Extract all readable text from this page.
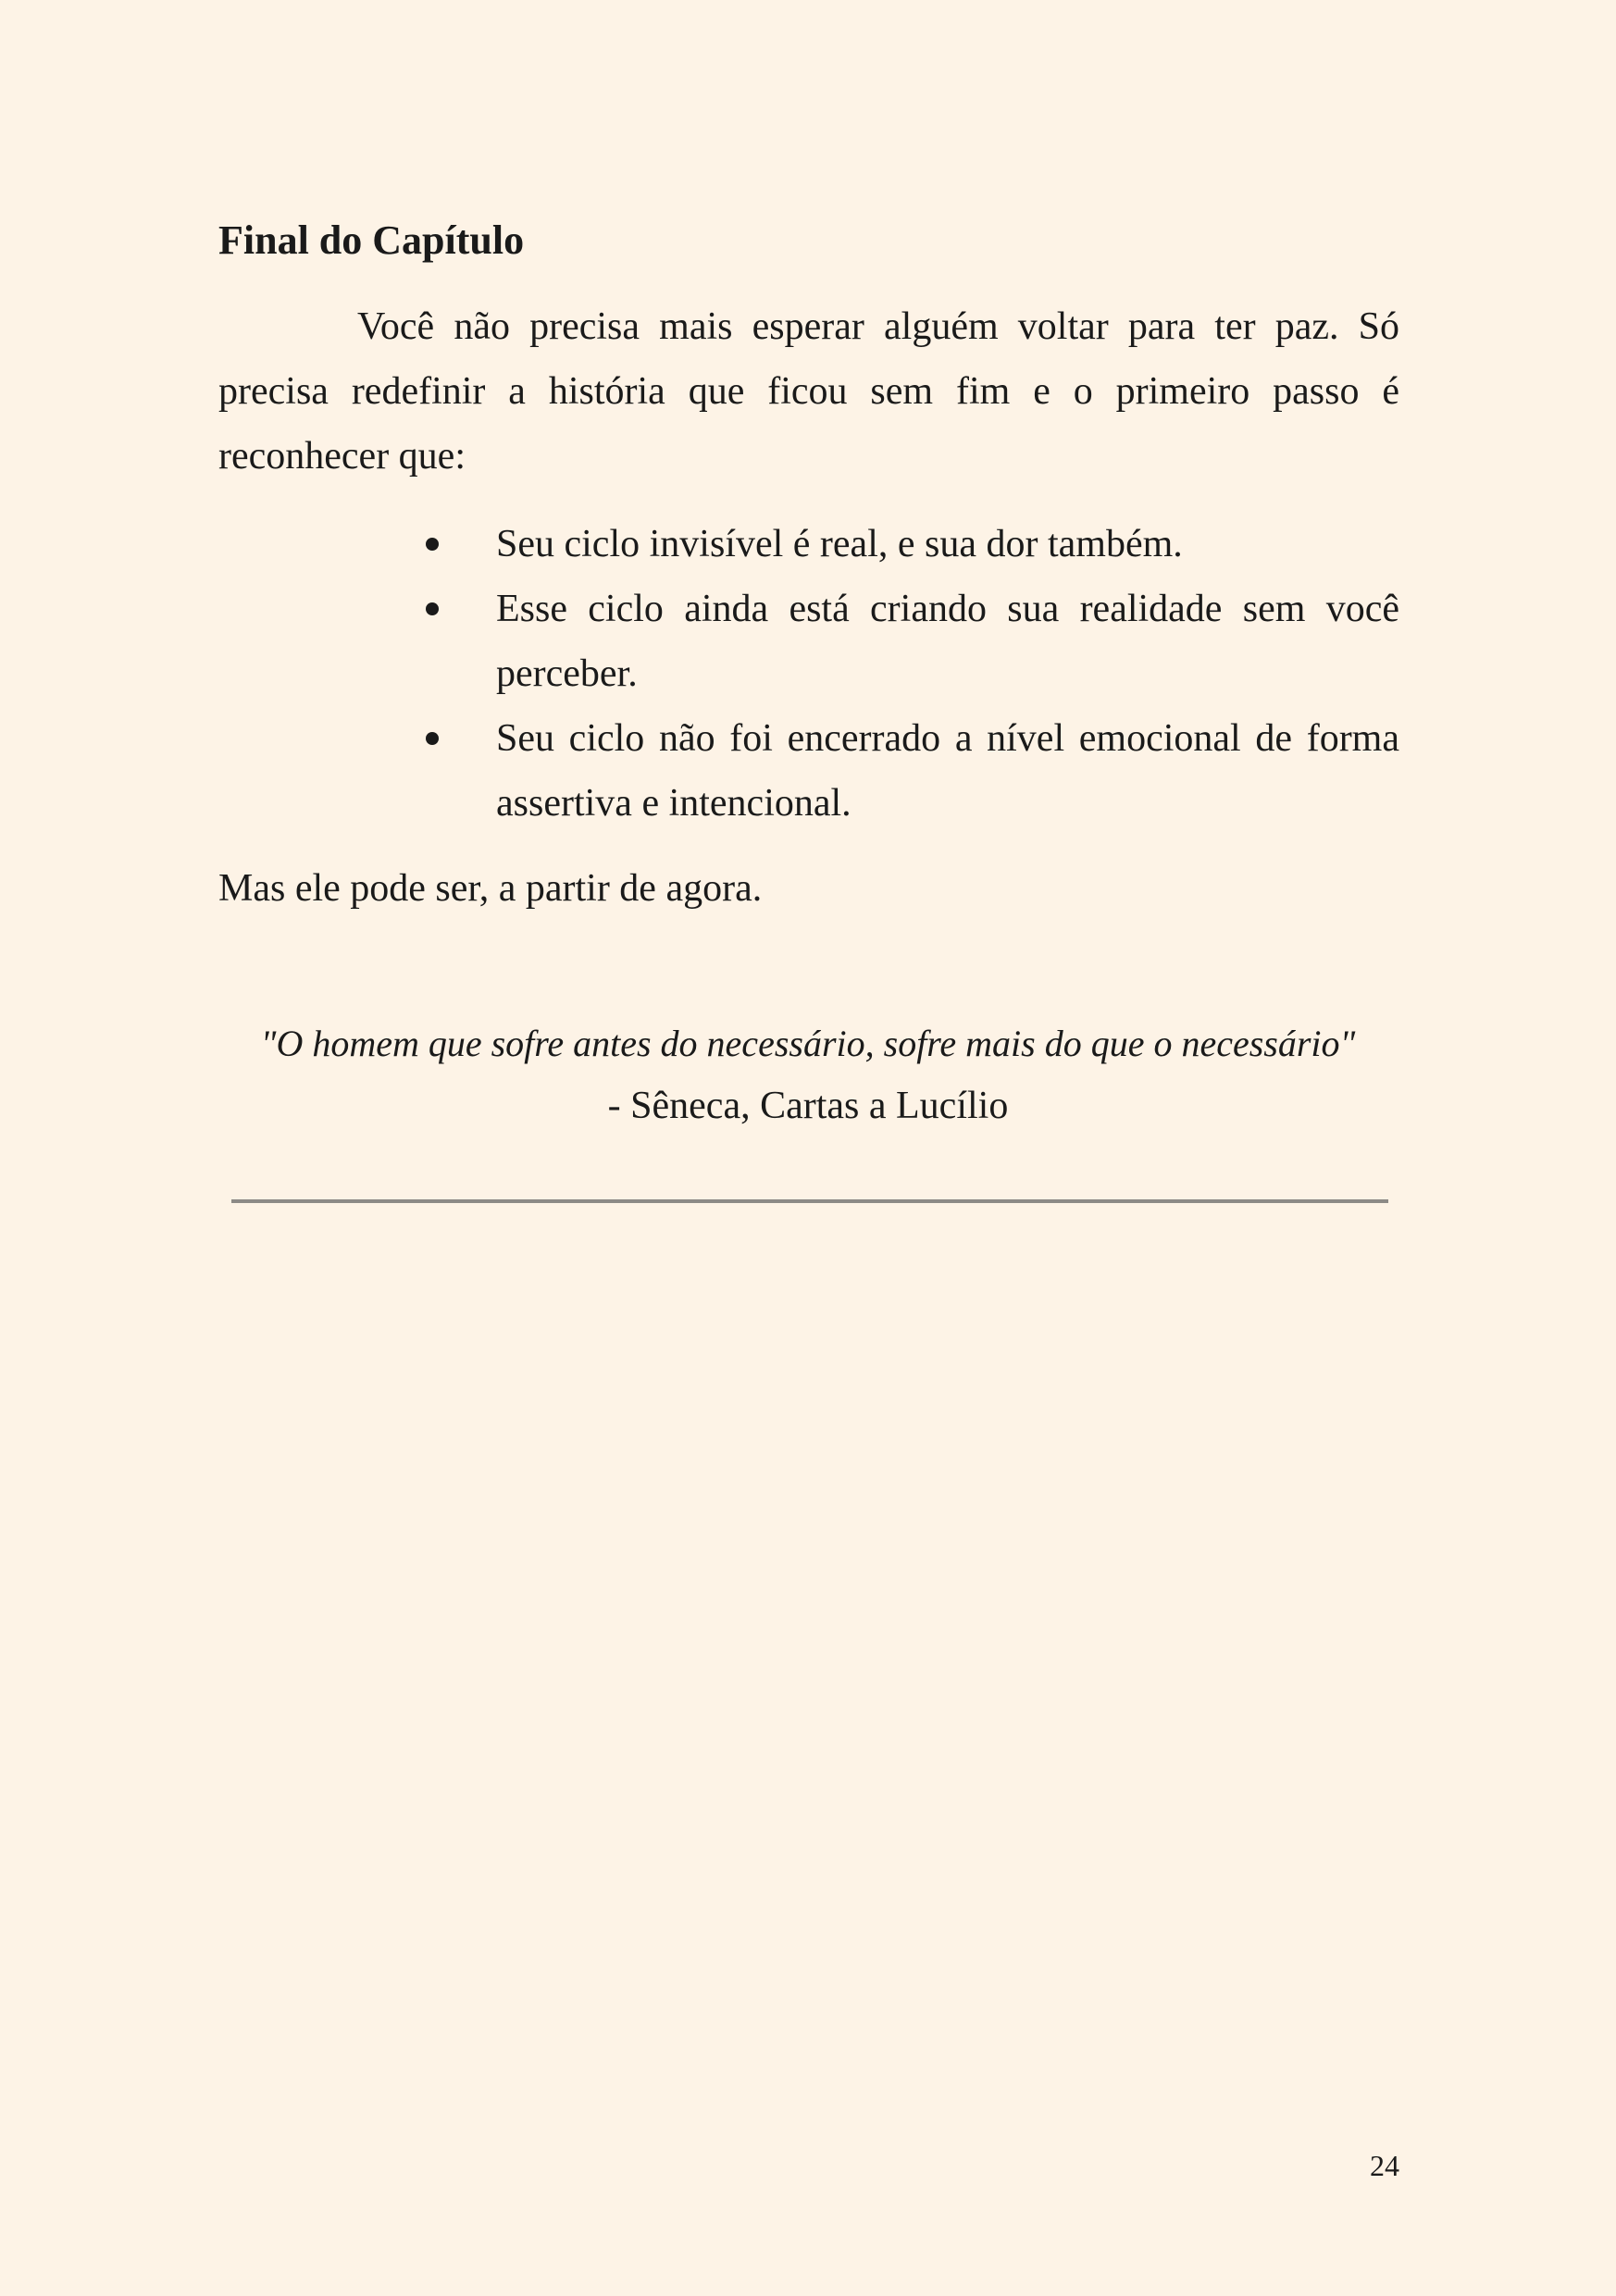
Final do Capítulo

Você não precisa mais esperar alguém voltar para ter paz. Só precisa redefinir a história que ficou sem fim e o primeiro passo é reconhecer que:

Seu ciclo invisível é real, e sua dor também.
Esse ciclo ainda está criando sua realidade sem você perceber.
Seu ciclo não foi encerrado a nível emocional de forma assertiva e intencional.

Mas ele pode ser, a partir de agora.

"O homem que sofre antes do necessário, sofre mais do que o necessário"

- Sêneca, Cartas a Lucílio

24
